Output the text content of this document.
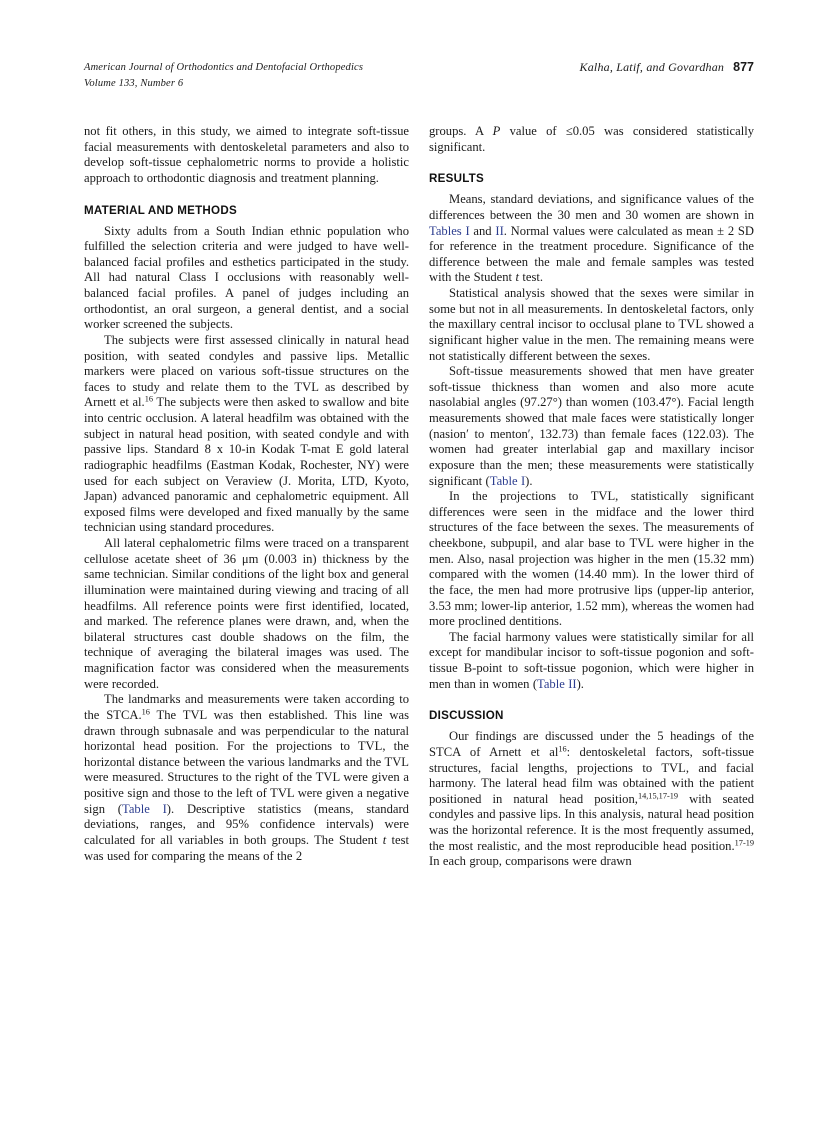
American Journal of Orthodontics and Dentofacial Orthopedics
Volume 133, Number 6
Kalha, Latif, and Govardhan 877

not fit others, in this study, we aimed to integrate soft-tissue facial measurements with dentoskeletal parameters and also to develop soft-tissue cephalometric norms to provide a holistic approach to orthodontic diagnosis and treatment planning.

MATERIAL AND METHODS

Sixty adults from a South Indian ethnic population who fulfilled the selection criteria and were judged to have well-balanced facial profiles and esthetics participated in the study. All had natural Class I occlusions with reasonably well-balanced facial profiles. A panel of judges including an orthodontist, an oral surgeon, a general dentist, and a social worker screened the subjects.

The subjects were first assessed clinically in natural head position, with seated condyles and passive lips. Metallic markers were placed on various soft-tissue structures on the faces to study and relate them to the TVL as described by Arnett et al.$^{16}$ The subjects were then asked to swallow and bite into centric occlusion. A lateral headfilm was obtained with the subject in natural head position, with seated condyle and with passive lips. Standard 8 x 10-in Kodak T-mat E gold lateral radiographic headfilms (Eastman Kodak, Rochester, NY) were used for each subject on Veraview (J. Morita, LTD, Kyoto, Japan) advanced panoramic and cephalometric equipment. All exposed films were developed and fixed manually by the same technician using standard procedures.

All lateral cephalometric films were traced on a transparent cellulose acetate sheet of 36 μm (0.003 in) thickness by the same technician. Similar conditions of the light box and general illumination were maintained during viewing and tracing of all headfilms. All reference points were first identified, located, and marked. The reference planes were drawn, and, when the bilateral structures cast double shadows on the film, the technique of averaging the bilateral images was used. The magnification factor was considered when the measurements were recorded.

The landmarks and measurements were taken according to the STCA.$^{16}$ The TVL was then established. This line was drawn through subnasale and was perpendicular to the natural horizontal head position. For the projections to TVL, the horizontal distance between the various landmarks and the TVL were measured. Structures to the right of the TVL were given a positive sign and those to the left of TVL were given a negative sign (Table I). Descriptive statistics (means, standard deviations, ranges, and 95% confidence intervals) were calculated for all variables in both groups. The Student t test was used for comparing the means of the 2

groups. A P value of ≤0.05 was considered statistically significant.

RESULTS

Means, standard deviations, and significance values of the differences between the 30 men and 30 women are shown in Tables I and II. Normal values were calculated as mean ± 2 SD for reference in the treatment procedure. Significance of the difference between the male and female samples was tested with the Student t test.

Statistical analysis showed that the sexes were similar in some but not in all measurements. In dentoskeletal factors, only the maxillary central incisor to occlusal plane to TVL showed a significant higher value in the men. The remaining means were not statistically different between the sexes.

Soft-tissue measurements showed that men have greater soft-tissue thickness than women and also more acute nasolabial angles (97.27°) than women (103.47°). Facial length measurements showed that male faces were statistically longer (nasion′ to menton′, 132.73) than female faces (122.03). The women had greater interlabial gap and maxillary incisor exposure than the men; these measurements were statistically significant (Table I).

In the projections to TVL, statistically significant differences were seen in the midface and the lower third structures of the face between the sexes. The measurements of cheekbone, subpupil, and alar base to TVL were higher in the men. Also, nasal projection was higher in the men (15.32 mm) compared with the women (14.40 mm). In the lower third of the face, the men had more protrusive lips (upper-lip anterior, 3.53 mm; lower-lip anterior, 1.52 mm), whereas the women had more proclined dentitions.

The facial harmony values were statistically similar for all except for mandibular incisor to soft-tissue pogonion and soft-tissue B-point to soft-tissue pogonion, which were higher in men than in women (Table II).

DISCUSSION

Our findings are discussed under the 5 headings of the STCA of Arnett et $al^{16}$: dentoskeletal factors, soft-tissue structures, facial lengths, projections to TVL, and facial harmony. The lateral head film was obtained with the patient positioned in natural head position,$^{14,15,17-19}$ with seated condyles and passive lips. In this analysis, natural head position was the horizontal reference. It is the most frequently assumed, the most realistic, and the most reproducible head position.$^{17-19}$ In each group, comparisons were drawn
